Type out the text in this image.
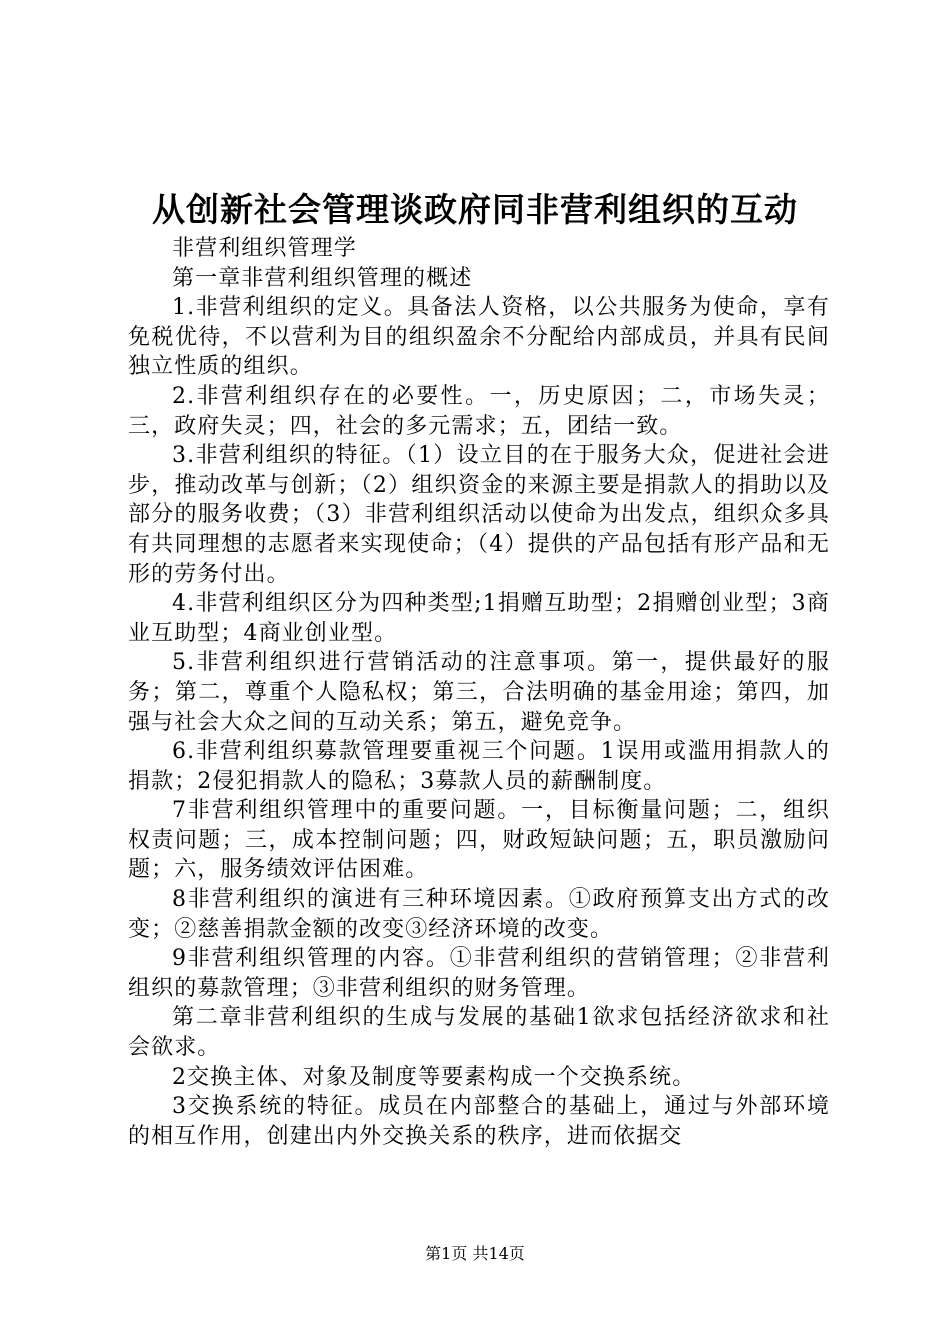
从创新社会管理谈政府同非营利组织的互动

非营利组织管理学

第一章非营利组织管理的概述

1.非营利组织的定义。具备法人资格，以公共服务为使命，享有免税优待，不以营利为目的组织盈余不分配给内部成员，并具有民间独立性质的组织。

2.非营利组织存在的必要性。一，历史原因；二，市场失灵；三，政府失灵；四，社会的多元需求；五，团结一致。

3.非营利组织的特征。（1）设立目的在于服务大众，促进社会进步，推动改革与创新；（2）组织资金的来源主要是捐款人的捐助以及部分的服务收费；（3）非营利组织活动以使命为出发点，组织众多具有共同理想的志愿者来实现使命；（4）提供的产品包括有形产品和无形的劳务付出。

4.非营利组织区分为四种类型;1捐赠互助型；2捐赠创业型；3商业互助型；4商业创业型。

5.非营利组织进行营销活动的注意事项。第一，提供最好的服务；第二，尊重个人隐私权；第三，合法明确的基金用途；第四，加强与社会大众之间的互动关系；第五，避免竞争。

6.非营利组织募款管理要重视三个问题。1误用或滥用捐款人的捐款；2侵犯捐款人的隐私；3募款人员的薪酬制度。

7非营利组织管理中的重要问题。一，目标衡量问题；二，组织权责问题；三，成本控制问题；四，财政短缺问题；五，职员激励问题；六，服务绩效评估困难。

8非营利组织的演进有三种环境因素。①政府预算支出方式的改变；②慈善捐款金额的改变③经济环境的改变。

9非营利组织管理的内容。①非营利组织的营销管理；②非营利组织的募款管理；③非营利组织的财务管理。

第二章非营利组织的生成与发展的基础1欲求包括经济欲求和社会欲求。

2交换主体、对象及制度等要素构成一个交换系统。

3交换系统的特征。成员在内部整合的基础上，通过与外部环境的相互作用，创建出内外交换关系的秩序，进而依据交

第1页 共14页
